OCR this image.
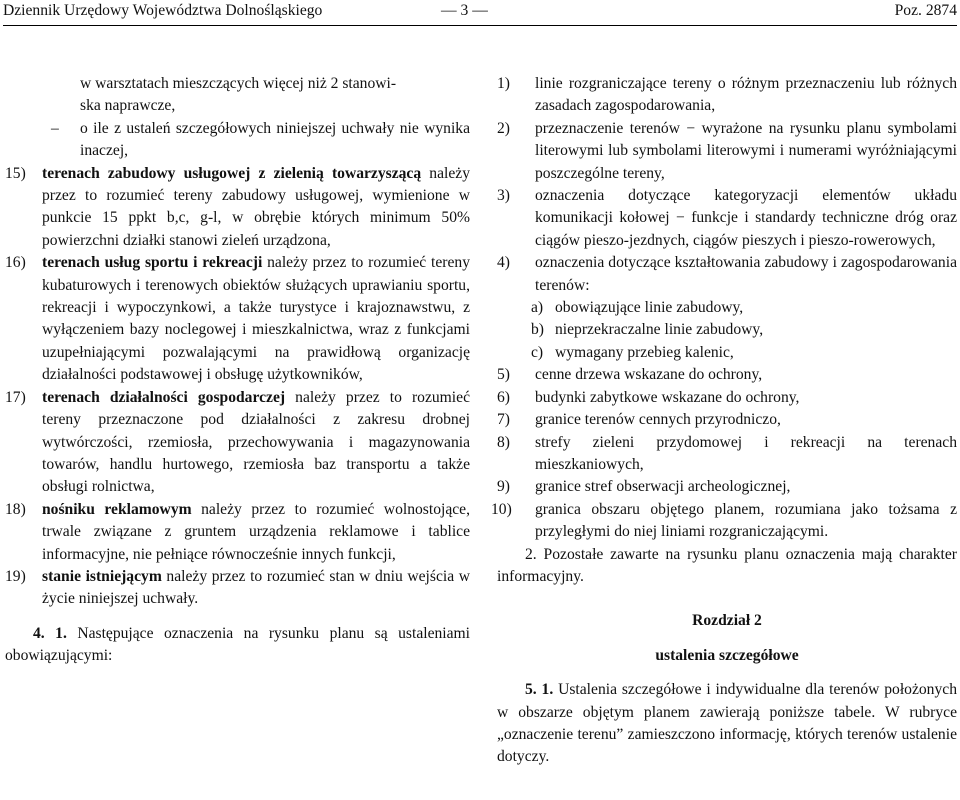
Dziennik Urzędowy Województwa Dolnośląskiego	— 3 —	Poz. 2874

w warsztatach mieszczących więcej niż 2 stanowi-
ska naprawcze,

– o ile z ustaleń szczegółowych niniejszej uchwały nie wynika inaczej,

15) terenach zabudowy usługowej z zielenią towarzyszącą należy przez to rozumieć tereny zabudowy usługowej, wymienione w punkcie 15 ppkt b,c, g-l, w obrębie których minimum 50% powierzchni działki stanowi zieleń urządzona,

16) terenach usług sportu i rekreacji należy przez to rozumieć tereny kubaturowych i terenowych obiektów służących uprawianiu sportu, rekreacji i wypoczynkowi, a także turystyce i krajoznawstwu, z wyłączeniem bazy noclegowej i mieszkalnictwa, wraz z funkcjami uzupełniającymi pozwalającymi na prawidłową organizację działalności podstawowej i obsługę użytkowników,

17) terenach działalności gospodarczej należy przez to rozumieć tereny przeznaczone pod działalności z zakresu drobnej wytwórczości, rzemiosła, przechowywania i magazynowania towarów, handlu hurtowego, rzemiosła baz transportu a także obsługi rolnictwa,

18) nośniku reklamowym należy przez to rozumieć wolnostojące, trwale związane z gruntem urządzenia reklamowe i tablice informacyjne, nie pełniące równocześnie innych funkcji,

19) stanie istniejącym należy przez to rozumieć stan w dniu wejścia w życie niniejszej uchwały.

4. 1. Następujące oznaczenia na rysunku planu są ustaleniami obowiązującymi:

1) linie rozgraniczające tereny o różnym przeznaczeniu lub różnych zasadach zagospodarowania,

2) przeznaczenie terenów − wyrażone na rysunku planu symbolami literowymi lub symbolami literowymi i numerami wyróżniającymi poszczególne tereny,

3) oznaczenia dotyczące kategoryzacji elementów układu komunikacji kołowej − funkcje i standardy techniczne dróg oraz ciągów pieszo-jezdnych, ciągów pieszych i pieszo-rowerowych,

4) oznaczenia dotyczące kształtowania zabudowy i zagospodarowania terenów:

a) obowiązujące linie zabudowy,

b) nieprzekraczalne linie zabudowy,

c) wymagany przebieg kalenic,

5) cenne drzewa wskazane do ochrony,

6) budynki zabytkowe wskazane do ochrony,

7) granice terenów cennych przyrodniczo,

8) strefy zieleni przydomowej i rekreacji na terenach mieszkaniowych,

9) granice stref obserwacji archeologicznej,

10) granica obszaru objętego planem, rozumiana jako tożsama z przyległymi do niej liniami rozgraniczającymi.

2. Pozostałe zawarte na rysunku planu oznaczenia mają charakter informacyjny.

Rozdział 2

ustalenia szczegółowe

5. 1. Ustalenia szczegółowe i indywidualne dla terenów położonych w obszarze objętym planem zawierają poniższe tabele. W rubryce „oznaczenie terenu” zamieszczono informację, których terenów ustalenie dotyczy.
